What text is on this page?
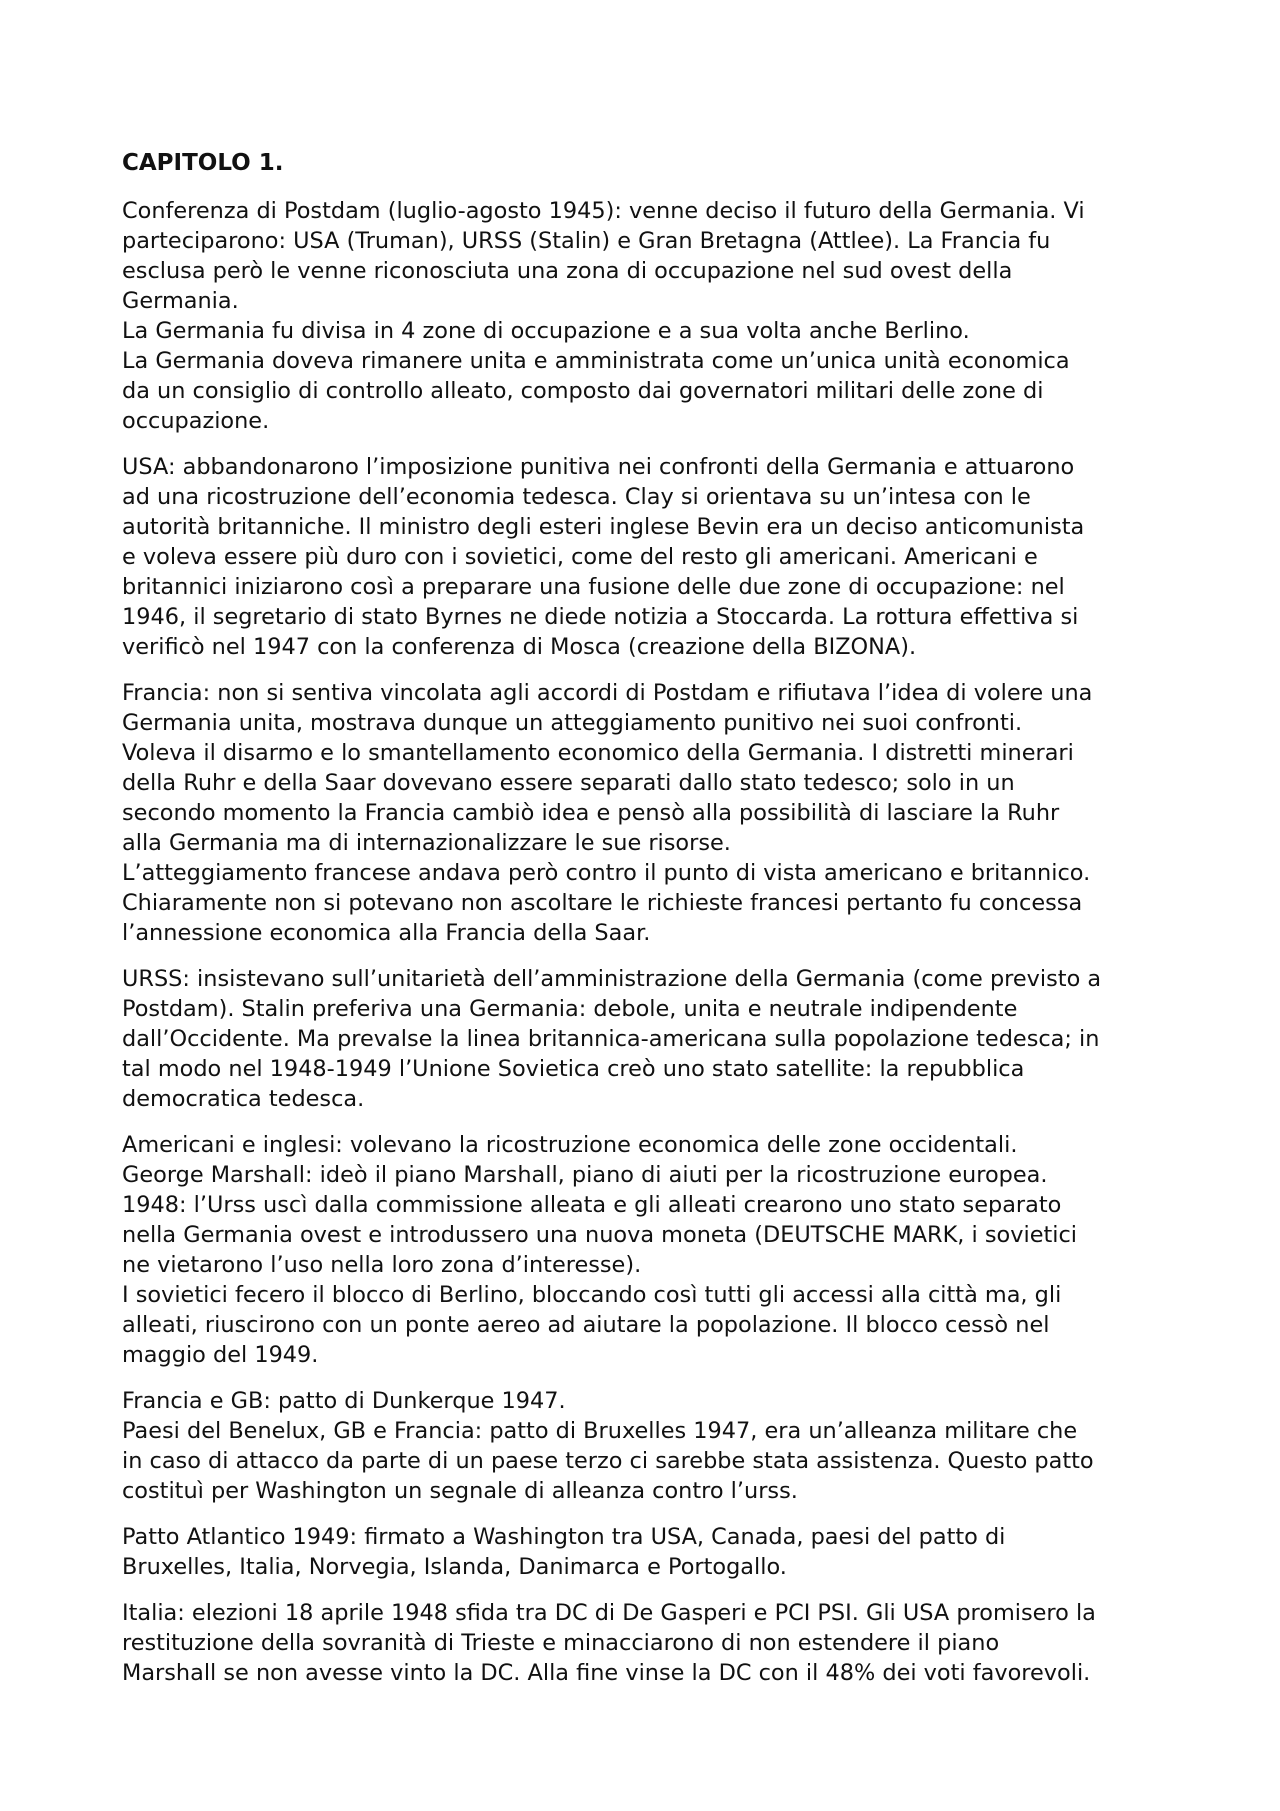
CAPITOLO 1.
Conferenza di Postdam (luglio-agosto 1945): venne deciso il futuro della Germania. Vi
parteciparono: USA (Truman), URSS (Stalin) e Gran Bretagna (Attlee). La Francia fu
esclusa però le venne riconosciuta una zona di occupazione nel sud ovest della
Germania.
La Germania fu divisa in 4 zone di occupazione e a sua volta anche Berlino.
La Germania doveva rimanere unita e amministrata come un’unica unità economica
da un consiglio di controllo alleato, composto dai governatori militari delle zone di
occupazione.
USA: abbandonarono l’imposizione punitiva nei confronti della Germania e attuarono
ad una ricostruzione dell’economia tedesca. Clay si orientava su un’intesa con le
autorità britanniche. Il ministro degli esteri inglese Bevin era un deciso anticomunista
e voleva essere più duro con i sovietici, come del resto gli americani. Americani e
britannici iniziarono così a preparare una fusione delle due zone di occupazione: nel
1946, il segretario di stato Byrnes ne diede notizia a Stoccarda. La rottura effettiva si
verificò nel 1947 con la conferenza di Mosca (creazione della BIZONA).
Francia: non si sentiva vincolata agli accordi di Postdam e rifiutava l’idea di volere una
Germania unita, mostrava dunque un atteggiamento punitivo nei suoi confronti.
Voleva il disarmo e lo smantellamento economico della Germania. I distretti minerari
della Ruhr e della Saar dovevano essere separati dallo stato tedesco; solo in un
secondo momento la Francia cambiò idea e pensò alla possibilità di lasciare la Ruhr
alla Germania ma di internazionalizzare le sue risorse.
L’atteggiamento francese andava però contro il punto di vista americano e britannico.
Chiaramente non si potevano non ascoltare le richieste francesi pertanto fu concessa
l’annessione economica alla Francia della Saar.
URSS: insistevano sull’unitarietà dell’amministrazione della Germania (come previsto a
Postdam). Stalin preferiva una Germania: debole, unita e neutrale indipendente
dall’Occidente. Ma prevalse la linea britannica-americana sulla popolazione tedesca; in
tal modo nel 1948-1949 l’Unione Sovietica creò uno stato satellite: la repubblica
democratica tedesca.
Americani e inglesi: volevano la ricostruzione economica delle zone occidentali.
George Marshall: ideò il piano Marshall, piano di aiuti per la ricostruzione europea.
1948: l’Urss uscì dalla commissione alleata e gli alleati crearono uno stato separato
nella Germania ovest e introdussero una nuova moneta (DEUTSCHE MARK, i sovietici
ne vietarono l’uso nella loro zona d’interesse).
I sovietici fecero il blocco di Berlino, bloccando così tutti gli accessi alla città ma, gli
alleati, riuscirono con un ponte aereo ad aiutare la popolazione. Il blocco cessò nel
maggio del 1949.
Francia e GB: patto di Dunkerque 1947.
Paesi del Benelux, GB e Francia: patto di Bruxelles 1947, era un’alleanza militare che
in caso di attacco da parte di un paese terzo ci sarebbe stata assistenza. Questo patto
costituì per Washington un segnale di alleanza contro l’urss.
Patto Atlantico 1949: firmato a Washington tra USA, Canada, paesi del patto di
Bruxelles, Italia, Norvegia, Islanda, Danimarca e Portogallo.
Italia: elezioni 18 aprile 1948 sfida tra DC di De Gasperi e PCI PSI. Gli USA promisero la
restituzione della sovranità di Trieste e minacciarono di non estendere il piano
Marshall se non avesse vinto la DC. Alla fine vinse la DC con il 48% dei voti favorevoli.
